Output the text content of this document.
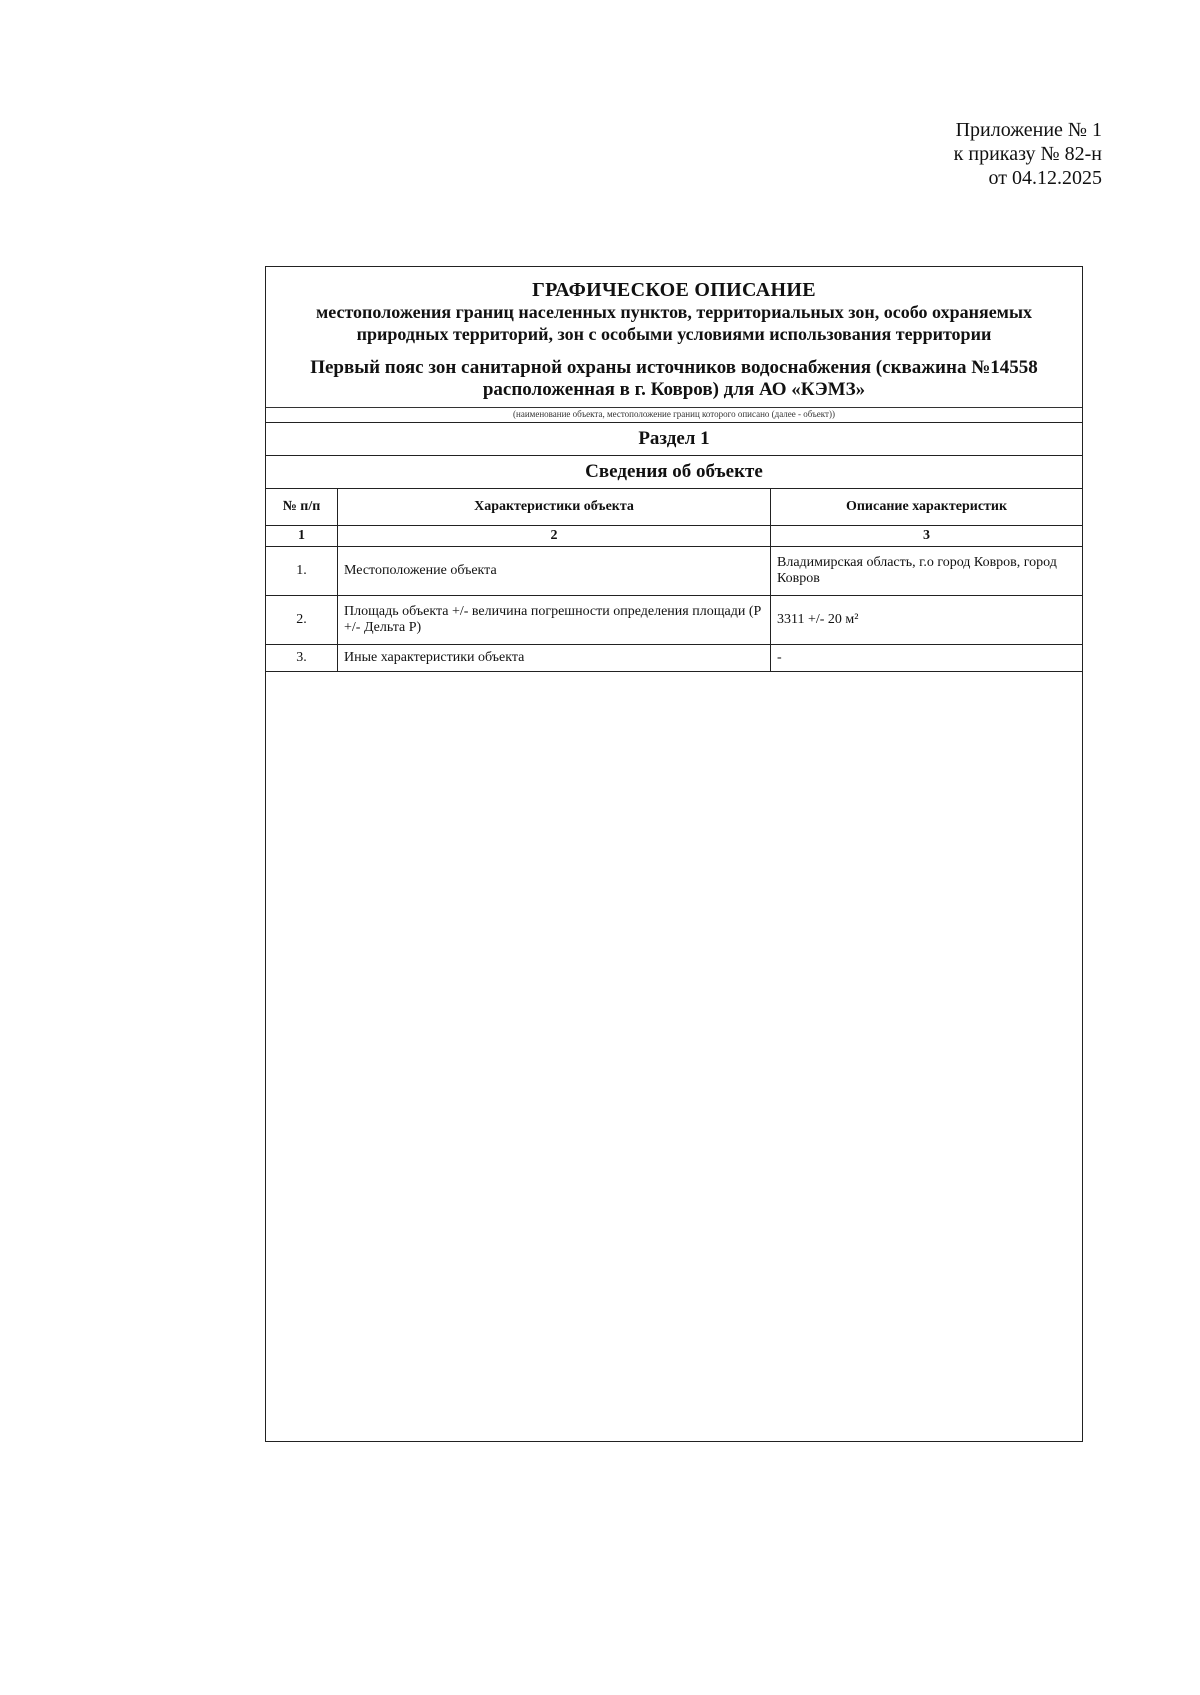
Приложение № 1
к приказу № 82-н
от 04.12.2025
ГРАФИЧЕСКОЕ ОПИСАНИЕ
местоположения границ населенных пунктов, территориальных зон, особо охраняемых природных территорий, зон с особыми условиями использования территории
Первый пояс зон санитарной охраны источников водоснабжения (скважина №14558 расположенная в г. Ковров) для АО «КЭМЗ»
(наименование объекта, местоположение границ которого описано (далее - объект))
Раздел 1
Сведения об объекте
№ п/п	Характеристики объекта	Описание характеристик
1	2	3
1.	Местоположение объекта	Владимирская область, г.о город Ковров, город Ковров
2.	Площадь объекта +/- величина погрешности определения площади (Р +/- Дельта Р)	3311 +/- 20 м²
3.	Иные характеристики объекта	-
